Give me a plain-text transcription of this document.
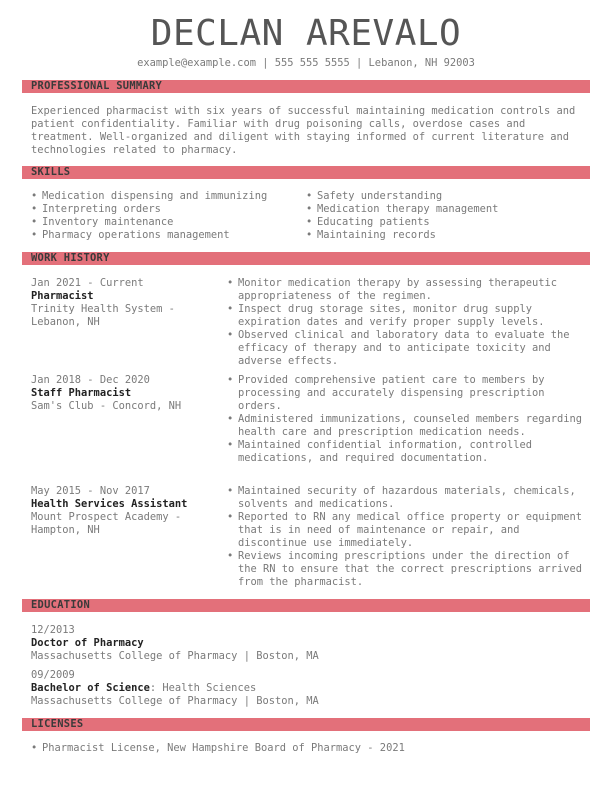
DECLAN AREVALO
example@example.com | 555 555 5555 | Lebanon, NH 92003
PROFESSIONAL SUMMARY

Experienced pharmacist with six years of successful maintaining medication controls and patient confidentiality. Familiar with drug poisoning calls, overdose cases and treatment. Well-organized and diligent with staying informed of current literature and technologies related to pharmacy.

SKILLS
• Medication dispensing and immunizing
• Interpreting orders
• Inventory maintenance
• Pharmacy operations management
• Safety understanding
• Medication therapy management
• Educating patients
• Maintaining records
WORK HISTORY
Jan 2021 - Current
Pharmacist
Trinity Health System -
Lebanon, NH
• Monitor medication therapy by assessing therapeutic appropriateness of the regimen.
• Inspect drug storage sites, monitor drug supply expiration dates and verify proper supply levels.
• Observed clinical and laboratory data to evaluate the efficacy of therapy and to anticipate toxicity and adverse effects.
Jan 2018 - Dec 2020
Staff Pharmacist
Sam's Club - Concord, NH
• Provided comprehensive patient care to members by processing and accurately dispensing prescription orders.
• Administered immunizations, counseled members regarding health care and prescription medication needs.
• Maintained confidential information, controlled medications, and required documentation.
May 2015 - Nov 2017
Health Services Assistant
Mount Prospect Academy -
Hampton, NH
• Maintained security of hazardous materials, chemicals, solvents and medications.
• Reported to RN any medical office property or equipment that is in need of maintenance or repair, and discontinue use immediately.
• Reviews incoming prescriptions under the direction of the RN to ensure that the correct prescriptions arrived from the pharmacist.
EDUCATION
12/2013
Doctor of Pharmacy
Massachusetts College of Pharmacy | Boston, MA
09/2009
Bachelor of Science: Health Sciences
Massachusetts College of Pharmacy | Boston, MA
LICENSES
• Pharmacist License, New Hampshire Board of Pharmacy - 2021
